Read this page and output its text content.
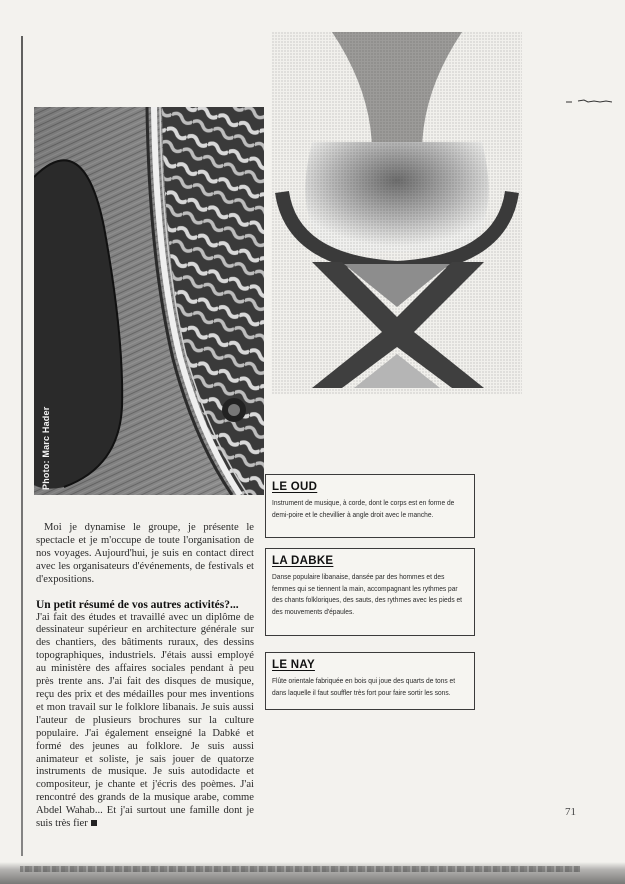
Photo: Marc Hader

Moi je dynamise le groupe, je présente le spectacle et je m'occupe de toute l'organisation de nos voyages. Aujourd'hui, je suis en contact direct avec les organisateurs d'événements, de festivals et d'expositions.

Un petit résumé de vos autres activités?...

J'ai fait des études et travaillé avec un diplôme de dessinateur supérieur en architecture générale sur des chantiers, des bâtiments ruraux, des dessins topographiques, industriels. J'étais aussi employé au ministère des affaires sociales pendant à peu près trente ans. J'ai fait des disques de musique, reçu des prix et des médailles pour mes inventions et mon travail sur le folklore libanais. Je suis aussi l'auteur de plusieurs brochures sur la culture populaire. J'ai également enseigné la Dabké et formé des jeunes au folklore. Je suis aussi animateur et soliste, je sais jouer de quatorze instruments de musique. Je suis autodidacte et compositeur, je chante et j'écris des poèmes. J'ai rencontré des grands de la musique arabe, comme Abdel Wahab... Et j'ai surtout une famille dont je suis très fier

LE OUD
Instrument de musique, à corde, dont le corps est en forme de demi-poire et le chevillier à angle droit avec le manche.
LA DABKE
Danse populaire libanaise, dansée par des hommes et des femmes qui se tiennent la main, accompagnant les rythmes par des chants folkloriques, des sauts, des rythmes avec les pieds et des mouvements d'épaules.
LE NAY
Flûte orientale fabriquée en bois qui joue des quarts de tons et dans laquelle il faut souffler très fort pour faire sortir les sons.
71
